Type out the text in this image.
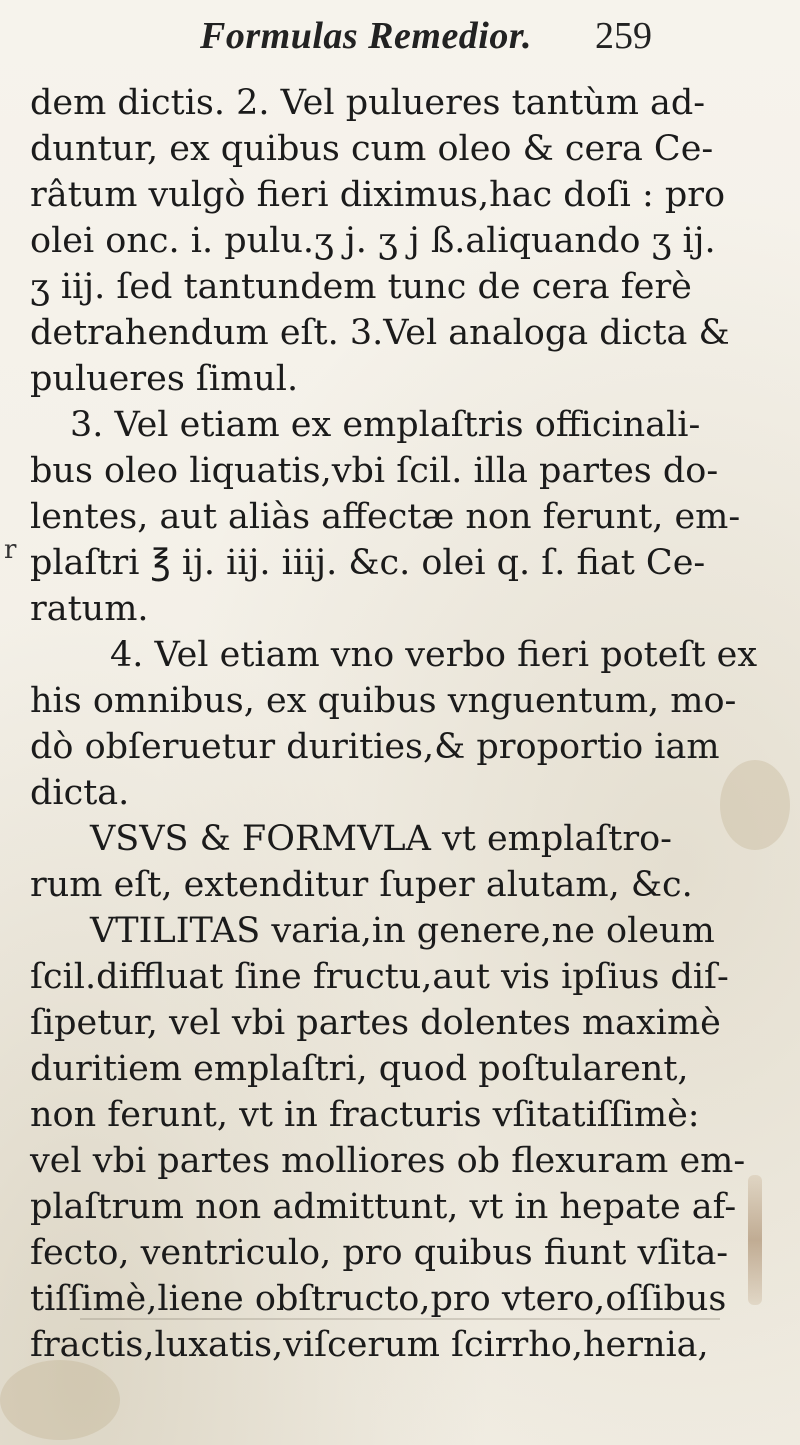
Formulas Remedior. 259
r
dem dictis. 2. Vel pulueres tantùm ad-
duntur, ex quibus cum oleo & cera Ce-
râtum vulgò fieri diximus,hac doſi : pro
olei onc. i. pulu.ʒ j. ʒ j ß.aliquando ʒ ij.
ʒ iij. ſed tantundem tunc de cera ferè
detrahendum eſt. 3.Vel analoga dicta &
pulueres ſimul.
3. Vel etiam ex emplaſtris officinali-
bus oleo liquatis,vbi ſcil. illa partes do-
lentes, aut aliàs affectæ non ferunt, em-
plaſtri ℥ ij. iij. iiij. &c. olei q. ſ. fiat Ce-
ratum.
4. Vel etiam vno verbo fieri poteſt ex
his omnibus, ex quibus vnguentum, mo-
dò obſeruetur durities,& proportio iam
dicta.
VSVS & FORMVLA vt emplaſtro-
rum eſt, extenditur ſuper alutam, &c.
VTILITAS varia,in genere,ne oleum
ſcil.diffluat ſine fructu,aut vis ipſius diſ-
ſipetur, vel vbi partes dolentes maximè
duritiem emplaſtri, quod poſtularent,
non ferunt, vt in fracturis vſitatiſſimè:
vel vbi partes molliores ob flexuram em-
plaſtrum non admittunt, vt in hepate af-
fecto, ventriculo, pro quibus fiunt vſita-
tiſſimè,liene obſtructo,pro vtero,oſſibus
fractis,luxatis,viſcerum ſcirrho,hernia,
